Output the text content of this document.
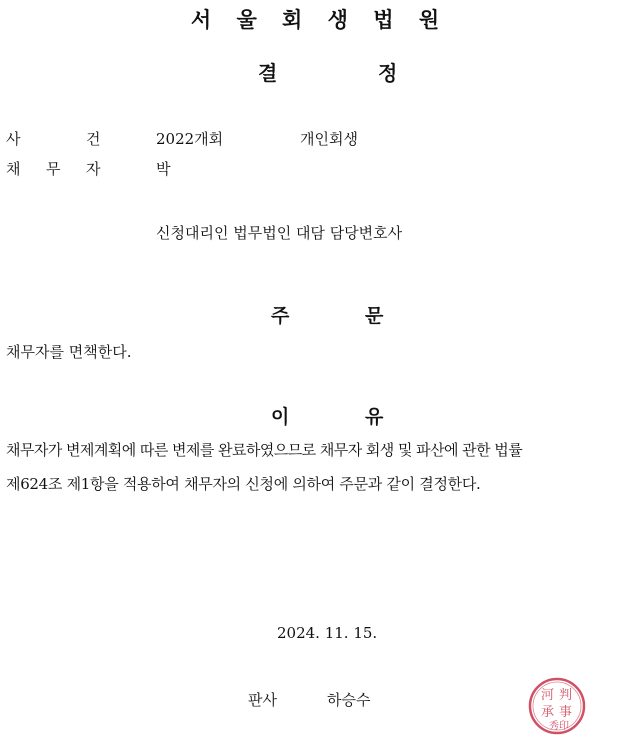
서 울 회 생 법 원
결	정
사	건	2022개회	개인회생
채 무 자	박
신청대리인 법무법인 대담 담당변호사
주	문
채무자를 면책한다.
이	유
채무자가 변제계획에 따른 변제를 완료하였으므로 채무자 회생 및 파산에 관한 법률
제624조 제1항을 적용하여 채무자의 신청에 의하여 주문과 같이 결정한다.
2024. 11. 15.
판사	하승수	判
事
河
承
秀印
